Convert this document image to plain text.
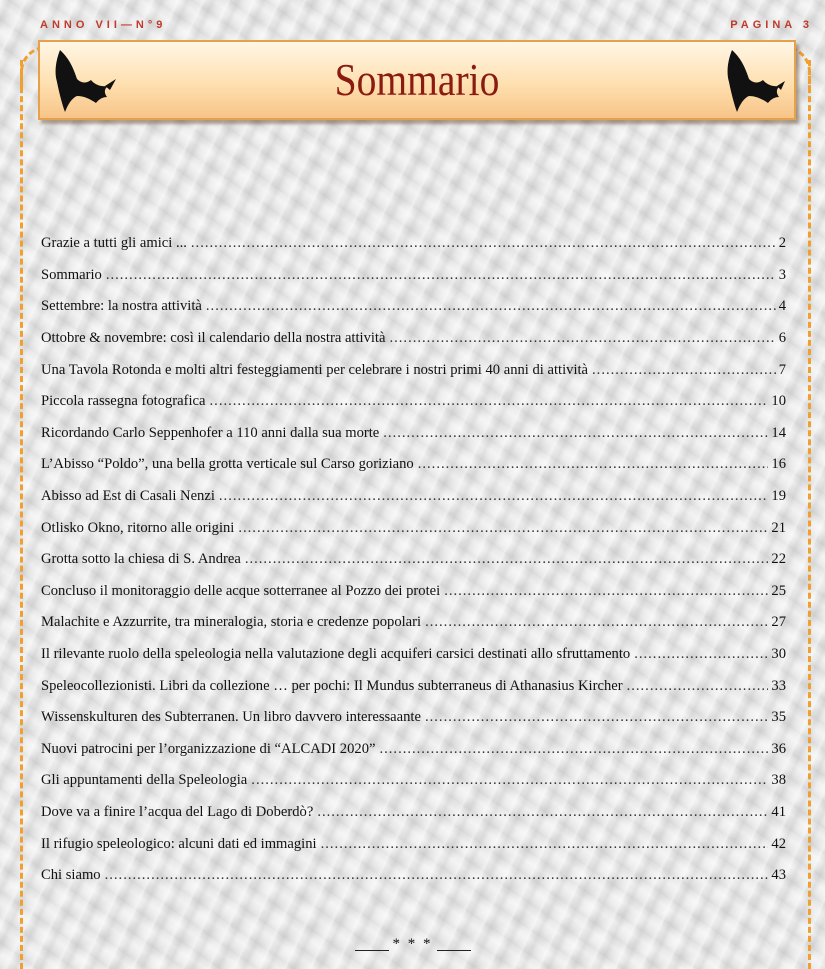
ANNO VII—N°9	PAGINA 3
Sommario
Grazie a tutti gli amici ... .....	2
Sommario .....	3
Settembre: la nostra attività .....	4
Ottobre & novembre: così il calendario della nostra attività .....	6
Una Tavola Rotonda e molti altri festeggiamenti per celebrare i nostri primi 40 anni di attività .....	7
Piccola rassegna fotografica .....	10
Ricordando Carlo Seppenhofer a 110 anni dalla sua morte .....	14
L’Abisso “Poldo”, una bella grotta verticale sul Carso goriziano .....	16
Abisso ad Est di Casali Nenzi .....	19
Otlisko Okno, ritorno alle origini .....	21
Grotta sotto la chiesa di S. Andrea .....	22
Concluso il monitoraggio delle acque sotterranee al Pozzo dei protei .....	25
Malachite e Azzurrite, tra mineralogia, storia e credenze popolari .....	27
Il rilevante ruolo della speleologia nella valutazione degli acquiferi carsici destinati allo sfruttamento .....	30
Speleocollezionisti. Libri da collezione … per pochi: Il Mundus subterraneus di Athanasius Kircher .....	33
Wissenskulturen des Subterranen. Un libro davvero interessaante .....	35
Nuovi patrocini per l’organizzazione di “ALCADI 2020” .....	36
Gli appuntamenti della Speleologia .....	38
Dove va a finire l’acqua del Lago di Doberdò? .....	41
Il rifugio speleologico: alcuni dati ed immagini .....	42
Chi siamo .....	43
* * *
